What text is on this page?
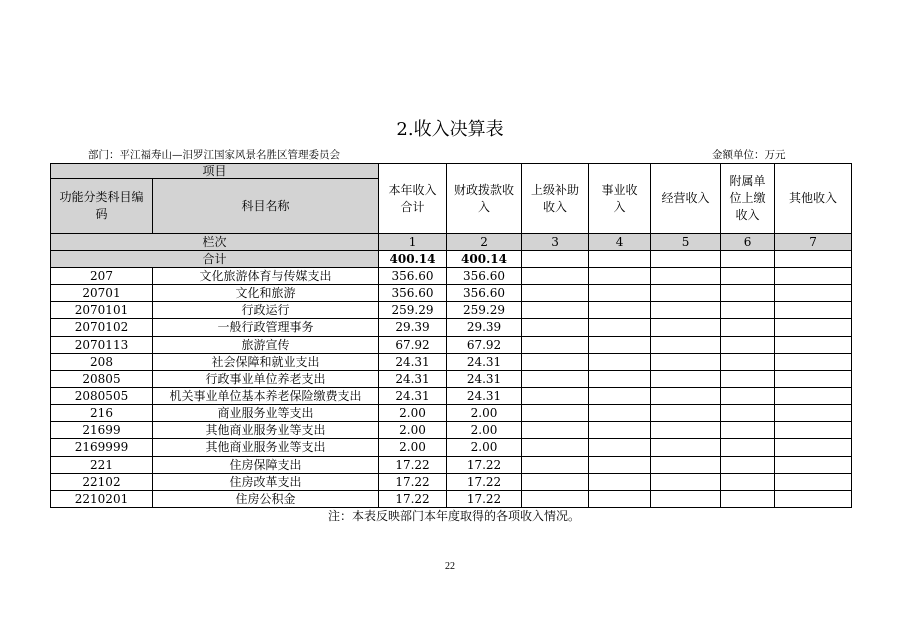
2.收入决算表
部门：平江福寿山—汨罗江国家风景名胜区管理委员会	金额单位：万元
项目		本年收入合计	财政拨款收入	上级补助收入	事业收入	经营收入	附属单位上缴收入	其他收入
功能分类科目编码	科目名称							
栏次		1	2	3	4	5	6	7
合计		400.14	400.14					
207	文化旅游体育与传媒支出	356.60	356.60					
20701	文化和旅游	356.60	356.60					
2070101	行政运行	259.29	259.29					
2070102	一般行政管理事务	29.39	29.39					
2070113	旅游宣传	67.92	67.92					
208	社会保障和就业支出	24.31	24.31					
20805	行政事业单位养老支出	24.31	24.31					
2080505	机关事业单位基本养老保险缴费支出	24.31	24.31					
216	商业服务业等支出	2.00	2.00					
21699	其他商业服务业等支出	2.00	2.00					
2169999	其他商业服务业等支出	2.00	2.00					
221	住房保障支出	17.22	17.22					
22102	住房改革支出	17.22	17.22					
2210201	住房公积金	17.22	17.22					
注：本表反映部门本年度取得的各项收入情况。
22
